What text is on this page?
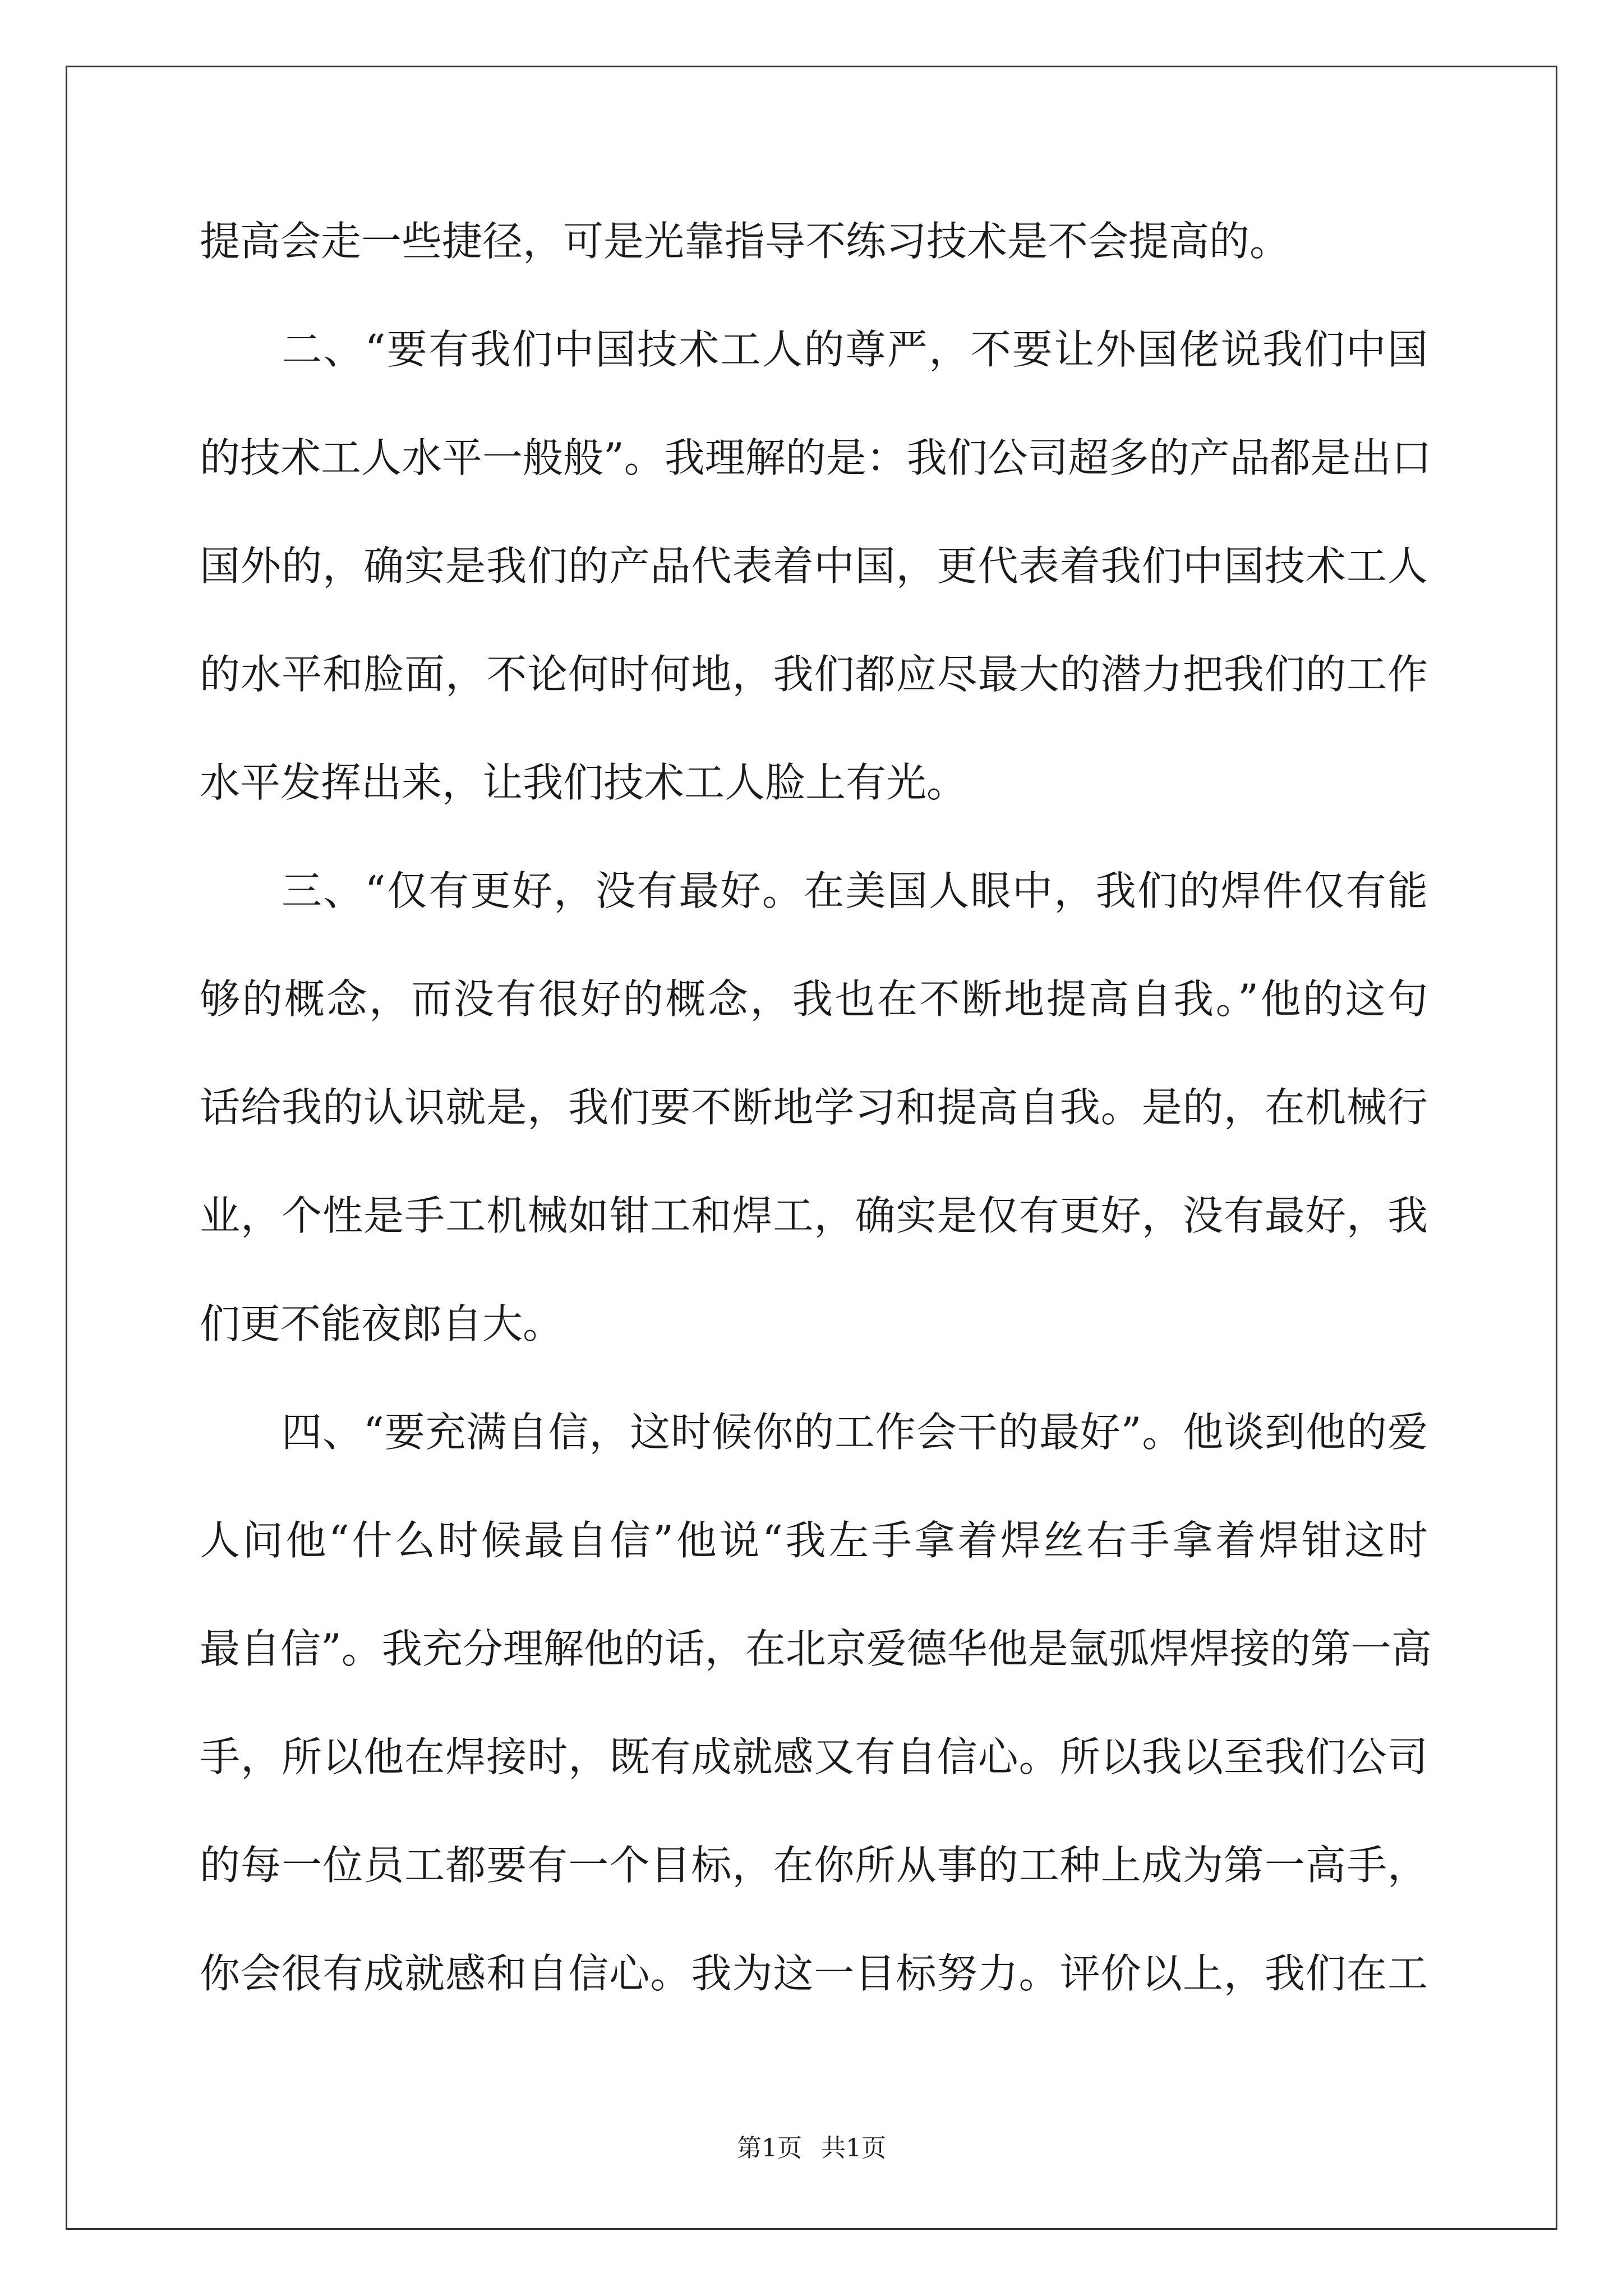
提高会走一些捷径，可是光靠指导不练习技术是不会提高的。
二、“要有我们中国技术工人的尊严，不要让外国佬说我们中国
的技术工人水平一般般”。我理解的是：我们公司超多的产品都是出口
国外的，确实是我们的产品代表着中国，更代表着我们中国技术工人
的水平和脸面，不论何时何地，我们都应尽最大的潜力把我们的工作
水平发挥出来，让我们技术工人脸上有光。
三、“仅有更好，没有最好。在美国人眼中，我们的焊件仅有能
够的概念，而没有很好的概念，我也在不断地提高自我。”他的这句
话给我的认识就是，我们要不断地学习和提高自我。是的，在机械行
业，个性是手工机械如钳工和焊工，确实是仅有更好，没有最好，我
们更不能夜郎自大。
四、“要充满自信，这时候你的工作会干的最好”。他谈到他的爱
人问他“什么时候最自信”他说“我左手拿着焊丝右手拿着焊钳这时
最自信”。我充分理解他的话，在北京爱德华他是氩弧焊焊接的第一高
手，所以他在焊接时，既有成就感又有自信心。所以我以至我们公司
的每一位员工都要有一个目标，在你所从事的工种上成为第一高手，
你会很有成就感和自信心。我为这一目标努力。评价以上，我们在工
第1页 共1页
